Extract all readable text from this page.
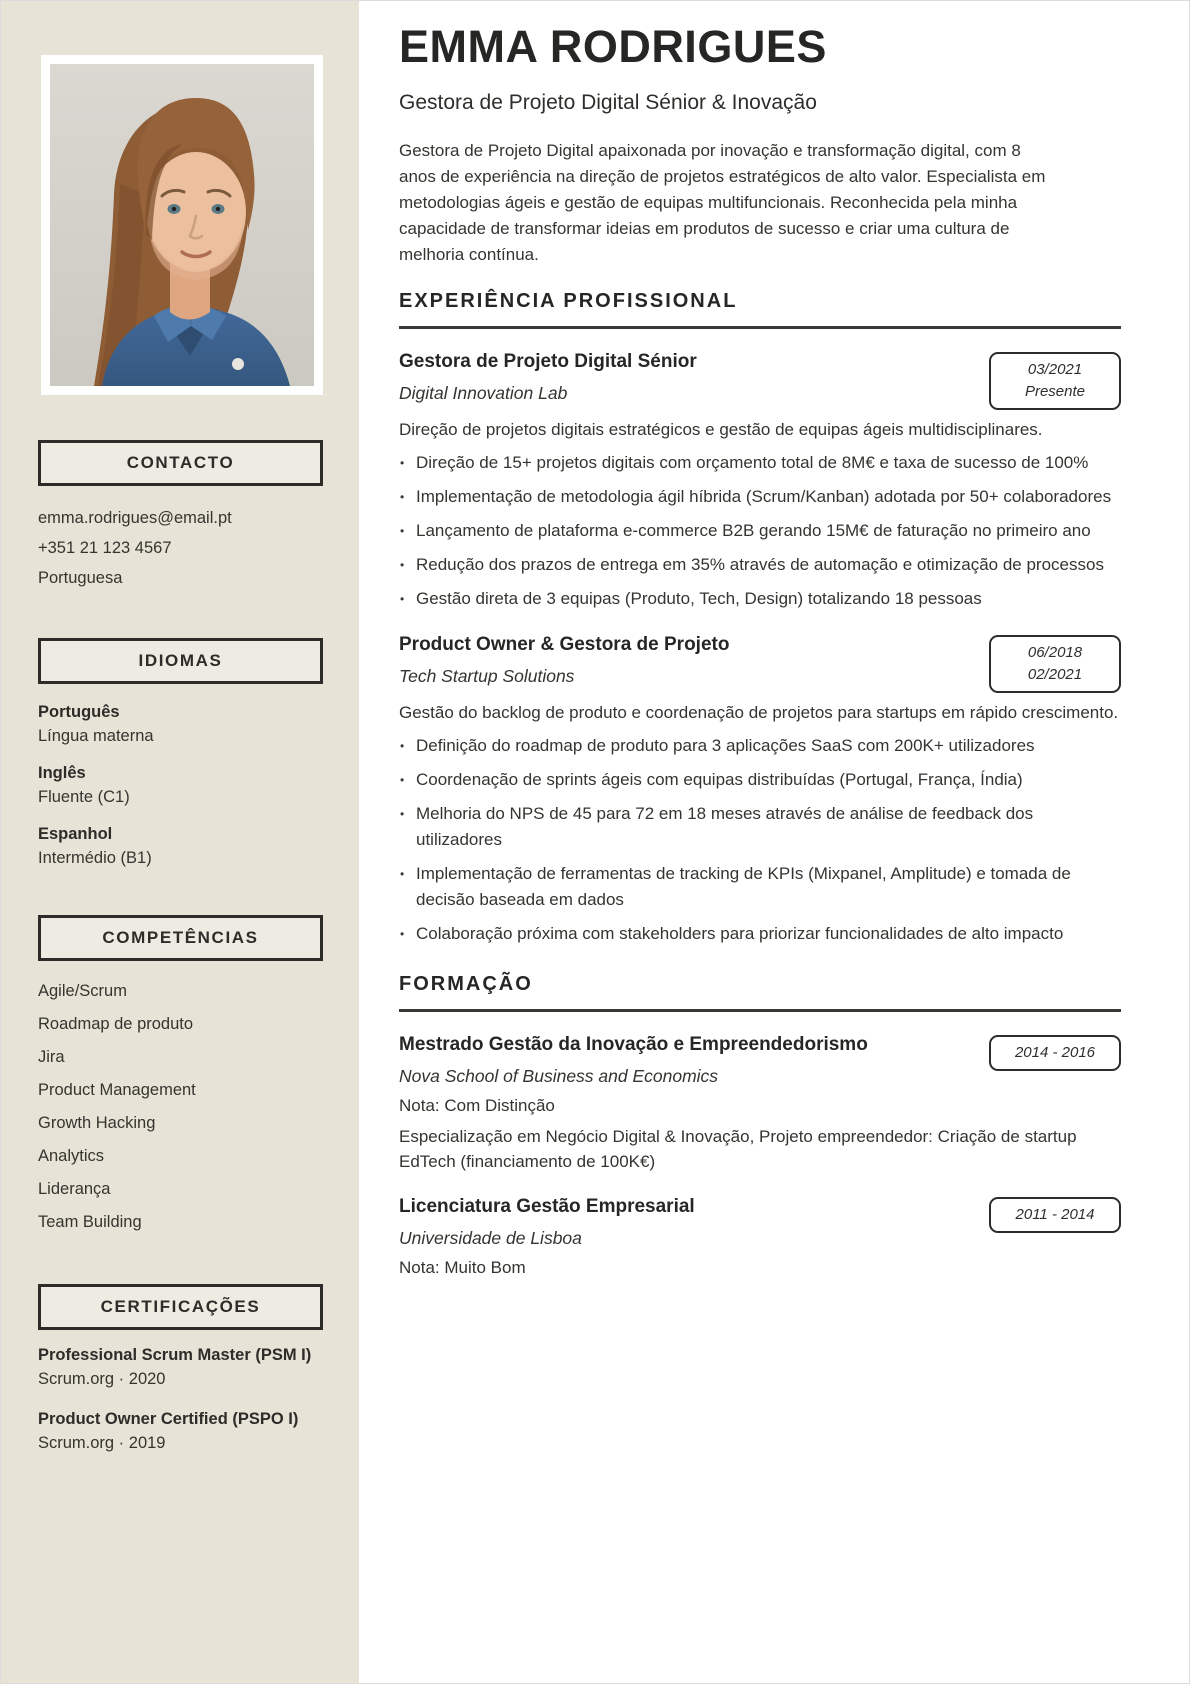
CONTACTO
emma.rodrigues@email.pt
+351 21 123 4567
Portuguesa
IDIOMAS
Português
Língua materna
Inglês
Fluente (C1)
Espanhol
Intermédio (B1)
COMPETÊNCIAS
Agile/Scrum
Roadmap de produto
Jira
Product Management
Growth Hacking
Analytics
Liderança
Team Building
CERTIFICAÇÕES
Professional Scrum Master (PSM I)
Scrum.org · 2020
Product Owner Certified (PSPO I)
Scrum.org · 2019
EMMA RODRIGUES
Gestora de Projeto Digital Sénior & Inovação

Gestora de Projeto Digital apaixonada por inovação e transformação digital, com 8 anos de experiência na direção de projetos estratégicos de alto valor. Especialista em metodologias ágeis e gestão de equipas multifuncionais. Reconhecida pela minha capacidade de transformar ideias em produtos de sucesso e criar uma cultura de melhoria contínua.

EXPERIÊNCIA PROFISSIONAL
Gestora de Projeto Digital Sénior
Digital Innovation Lab
03/2021
Presente

Direção de projetos digitais estratégicos e gestão de equipas ágeis multidisciplinares.

• Direção de 15+ projetos digitais com orçamento total de 8M€ e taxa de sucesso de 100%
• Implementação de metodologia ágil híbrida (Scrum/Kanban) adotada por 50+ colaboradores
• Lançamento de plataforma e-commerce B2B gerando 15M€ de faturação no primeiro ano
• Redução dos prazos de entrega em 35% através de automação e otimização de processos
• Gestão direta de 3 equipas (Produto, Tech, Design) totalizando 18 pessoas
Product Owner & Gestora de Projeto
Tech Startup Solutions
06/2018
02/2021

Gestão do backlog de produto e coordenação de projetos para startups em rápido crescimento.

• Definição do roadmap de produto para 3 aplicações SaaS com 200K+ utilizadores
• Coordenação de sprints ágeis com equipas distribuídas (Portugal, França, Índia)
• Melhoria do NPS de 45 para 72 em 18 meses através de análise de feedback dos utilizadores
• Implementação de ferramentas de tracking de KPIs (Mixpanel, Amplitude) e tomada de decisão baseada em dados
• Colaboração próxima com stakeholders para priorizar funcionalidades de alto impacto
FORMAÇÃO
Mestrado Gestão da Inovação e Empreendedorismo
Nova School of Business and Economics
2014 - 2016
Nota: Com Distinção
Especialização em Negócio Digital & Inovação, Projeto empreendedor: Criação de startup EdTech (financiamento de 100K€)
Licenciatura Gestão Empresarial
Universidade de Lisboa
2011 - 2014
Nota: Muito Bom
